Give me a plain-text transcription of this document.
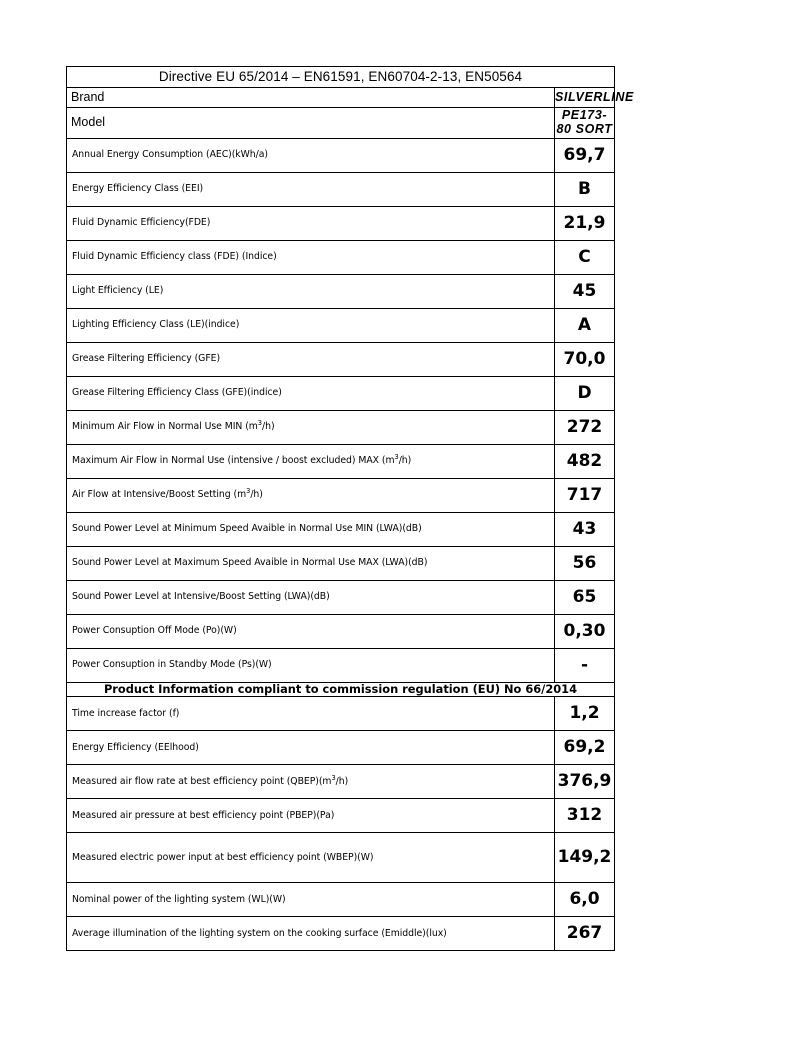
Directive EU 65/2014 – EN61591, EN60704-2-13, EN50564	
Brand	SILVERLINE
Model	PE173-80 SORT
Annual Energy Consumption (AEC)(kWh/a)	69,7
Energy Efficiency Class (EEI)	B
Fluid Dynamic Efficiency(FDE)	21,9
Fluid Dynamic Efficiency class (FDE) (Indice)	C
Light Efficiency (LE)	45
Lighting Efficiency Class (LE)(indice)	A
Grease Filtering Efficiency (GFE)	70,0
Grease Filtering Efficiency Class (GFE)(indice)	D
Minimum Air Flow in Normal Use MIN $(m^3/h)$	272
Maximum Air Flow in Normal Use (intensive / boost excluded) MAX $(m^3/h)$	482
Air Flow at Intensive/Boost Setting $(m^3/h)$	717
Sound Power Level at Minimum Speed Avaible in Normal Use MIN (LWA)(dB)	43
Sound Power Level at Maximum Speed Avaible in Normal Use MAX (LWA)(dB)	56
Sound Power Level at Intensive/Boost Setting (LWA)(dB)	65
Power Consuption Off Mode (Po)(W)	0,30
Power Consuption in Standby Mode (Ps)(W)	-
Product Information compliant to commission regulation (EU) No 66/2014	
Time increase factor (f)	1,2
Energy Efficiency (EElhood)	69,2
Measured air flow rate at best efficiency point $(QBEP)(m^3/h)$	376,9
Measured air pressure at best efficiency point (PBEP)(Pa)	312
Measured electric power input at best efficiency point (WBEP)(W)	149,2
Nominal power of the lighting system (WL)(W)	6,0
Average illumination of the lighting system on the cooking surface (Emiddle)(lux)	267
